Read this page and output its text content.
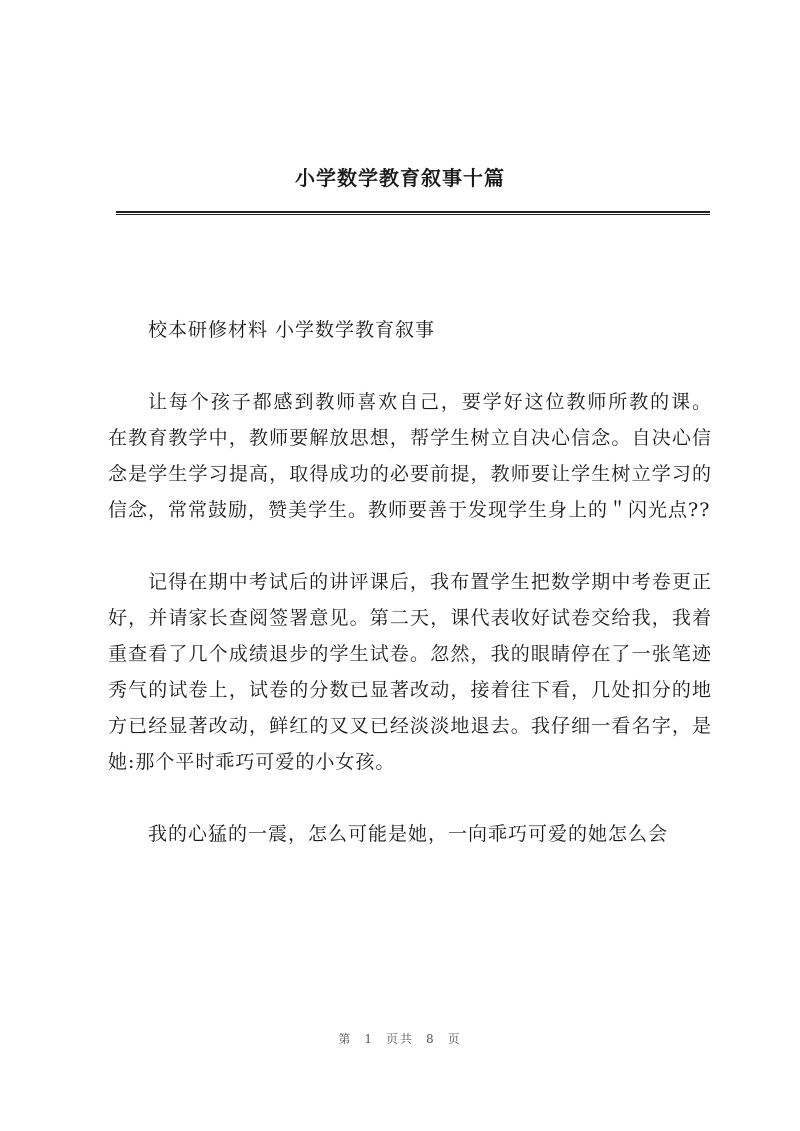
小学数学教育叙事十篇

校本研修材料 小学数学教育叙事

让每个孩子都感到教师喜欢自己，要学好这位教师所教的课。 在教育教学中，教师要解放思想，帮学生树立自决心信念。自决心信念是学生学习提高，取得成功的必要前提，教师要让学生树立学习的信念，常常鼓励，赞美学生。教师要善于发现学生身上的＂闪光点??

记得在期中考试后的讲评课后，我布置学生把数学期中考卷更正好，并请家长查阅签署意见。第二天，课代表收好试卷交给我，我着重查看了几个成绩退步的学生试卷。忽然，我的眼睛停在了一张笔迹秀气的试卷上，试卷的分数已显著改动，接着往下看，几处扣分的地方已经显著改动，鲜红的叉叉已经淡淡地退去。我仔细一看名字，是她:那个平时乖巧可爱的小女孩。

我的心猛的一震，怎么可能是她，一向乖巧可爱的她怎么会

第 1 页共 8 页
